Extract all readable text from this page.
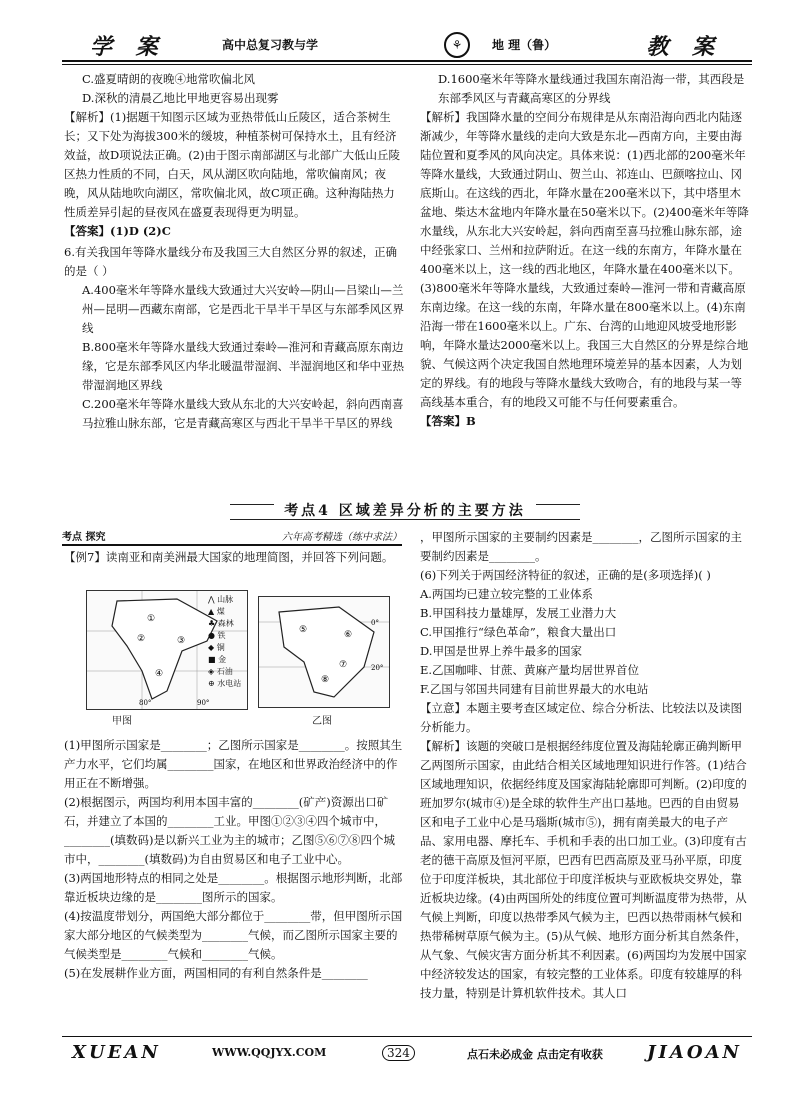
学 案	高中总复习教与学	⚘	地 理（鲁）	教 案

C.盛夏晴朗的夜晚④地常吹偏北风

D.深秋的清晨乙地比甲地更容易出现雾

【解析】(1)据题干知图示区域为亚热带低山丘陵区，适合茶树生长；又下处为海拔300米的缓坡，种植茶树可保持水土，且有经济效益，故D项说法正确。(2)由于图示南部湖区与北部广大低山丘陵区热力性质的不同，白天，风从湖区吹向陆地，常吹偏南风；夜晚，风从陆地吹向湖区，常吹偏北风，故C项正确。这种海陆热力性质差异引起的昼夜风在盛夏表现得更为明显。

【答案】(1)D (2)C

6.有关我国年等降水量线分布及我国三大自然区分界的叙述，正确的是（ ）

A.400毫米年等降水量线大致通过大兴安岭—阴山—吕梁山—兰州—昆明—西藏东南部，它是西北干旱半干旱区与东部季风区界线

B.800毫米年等降水量线大致通过秦岭—淮河和青藏高原东南边缘，它是东部季风区内华北暖温带湿润、半湿润地区和华中亚热带湿润地区界线

C.200毫米年等降水量线大致从东北的大兴安岭起，斜向西南喜马拉雅山脉东部，它是青藏高寒区与西北干旱半干旱区的界线

D.1600毫米年等降水量线通过我国东南沿海一带，其西段是东部季风区与青藏高寒区的分界线

【解析】我国降水量的空间分布规律是从东南沿海向西北内陆逐渐减少，年等降水量线的走向大致是东北—西南方向，主要由海陆位置和夏季风的风向决定。具体来说：(1)西北部的200毫米年等降水量线，大致通过阴山、贺兰山、祁连山、巴颜喀拉山、冈底斯山。在这线的西北，年降水量在200毫米以下，其中塔里木盆地、柴达木盆地内年降水量在50毫米以下。(2)400毫米年等降水量线，从东北大兴安岭起，斜向西南至喜马拉雅山脉东部，途中经张家口、兰州和拉萨附近。在这一线的东南方，年降水量在400毫米以上，这一线的西北地区，年降水量在400毫米以下。(3)800毫米年等降水量线，大致通过秦岭—淮河一带和青藏高原东南边缘。在这一线的东南，年降水量在800毫米以上。(4)东南沿海一带在1600毫米以上。广东、台湾的山地迎风坡受地形影响，年降水量达2000毫米以上。我国三大自然区的分界是综合地貌、气候这两个决定我国自然地理环境差异的基本因素，人为划定的界线。有的地段与等降水量线大致吻合，有的地段与某一等高线基本重合，有的地段又可能不与任何要素重合。

【答案】B

考点4 区域差异分析的主要方法
考点 探究	六年高考精选（练中求法）

【例7】读南亚和南美洲最大国家的地理简图，并回答下列问题。

①
②	③
④
90°
80°
⋀ 山脉
▲ 煤
♣ 森林
● 铁
◆ 铜
■ 金
◈ 石油
⊕ 水电站
⑤	⑥
⑦
⑧
20°
0°
甲图	乙图

(1)甲图所示国家是________；乙图所示国家是________。按照其生产力水平，它们均属________国家，在地区和世界政治经济中的作用正在不断增强。

(2)根据图示，两国均利用本国丰富的________(矿产)资源出口矿石，并建立了本国的________工业。甲图①②③④四个城市中，________(填数码)是以新兴工业为主的城市；乙图⑤⑥⑦⑧四个城市中，________(填数码)为自由贸易区和电子工业中心。

(3)两国地形特点的相同之处是________。根据图示地形判断，北部靠近板块边缘的是________图所示的国家。

(4)按温度带划分，两国绝大部分都位于________带，但甲图所示国家大部分地区的气候类型为________气候，而乙图所示国家主要的气候类型是________气候和________气候。

(5)在发展耕作业方面，两国相同的有利自然条件是________

，甲图所示国家的主要制约因素是________，乙图所示国家的主要制约因素是________。

(6)下列关于两国经济特征的叙述，正确的是(多项选择)( )

A.两国均已建立较完整的工业体系

B.甲国科技力量雄厚，发展工业潜力大

C.甲国推行“绿色革命”，粮食大量出口

D.甲国是世界上养牛最多的国家

E.乙国咖啡、甘蔗、黄麻产量均居世界首位

F.乙国与邻国共同建有目前世界最大的水电站

【立意】本题主要考查区域定位、综合分析法、比较法以及读图分析能力。

【解析】该题的突破口是根据经纬度位置及海陆轮廓正确判断甲乙两图所示国家，由此结合相关区域地理知识进行作答。(1)结合区域地理知识，依据经纬度及国家海陆轮廓即可判断。(2)印度的班加罗尔(城市④)是全球的软件生产出口基地。巴西的自由贸易区和电子工业中心是马瑙斯(城市⑤)，拥有南美最大的电子产品、家用电器、摩托车、手机和手表的出口加工业。(3)印度有古老的德干高原及恒河平原，巴西有巴西高原及亚马孙平原，印度位于印度洋板块，其北部位于印度洋板块与亚欧板块交界处，靠近板块边缘。(4)由两国所处的纬度位置可判断温度带为热带，从气候上判断，印度以热带季风气候为主，巴西以热带雨林气候和热带稀树草原气候为主。(5)从气候、地形方面分析其自然条件，从气象、气候灾害方面分析其不利因素。(6)两国均为发展中国家中经济较发达的国家，有较完整的工业体系。印度有较雄厚的科技力量，特别是计算机软件技术。其人口

XUEAN	WWW.QQJYX.COM	324	点石未必成金 点击定有收获 JIAOAN
